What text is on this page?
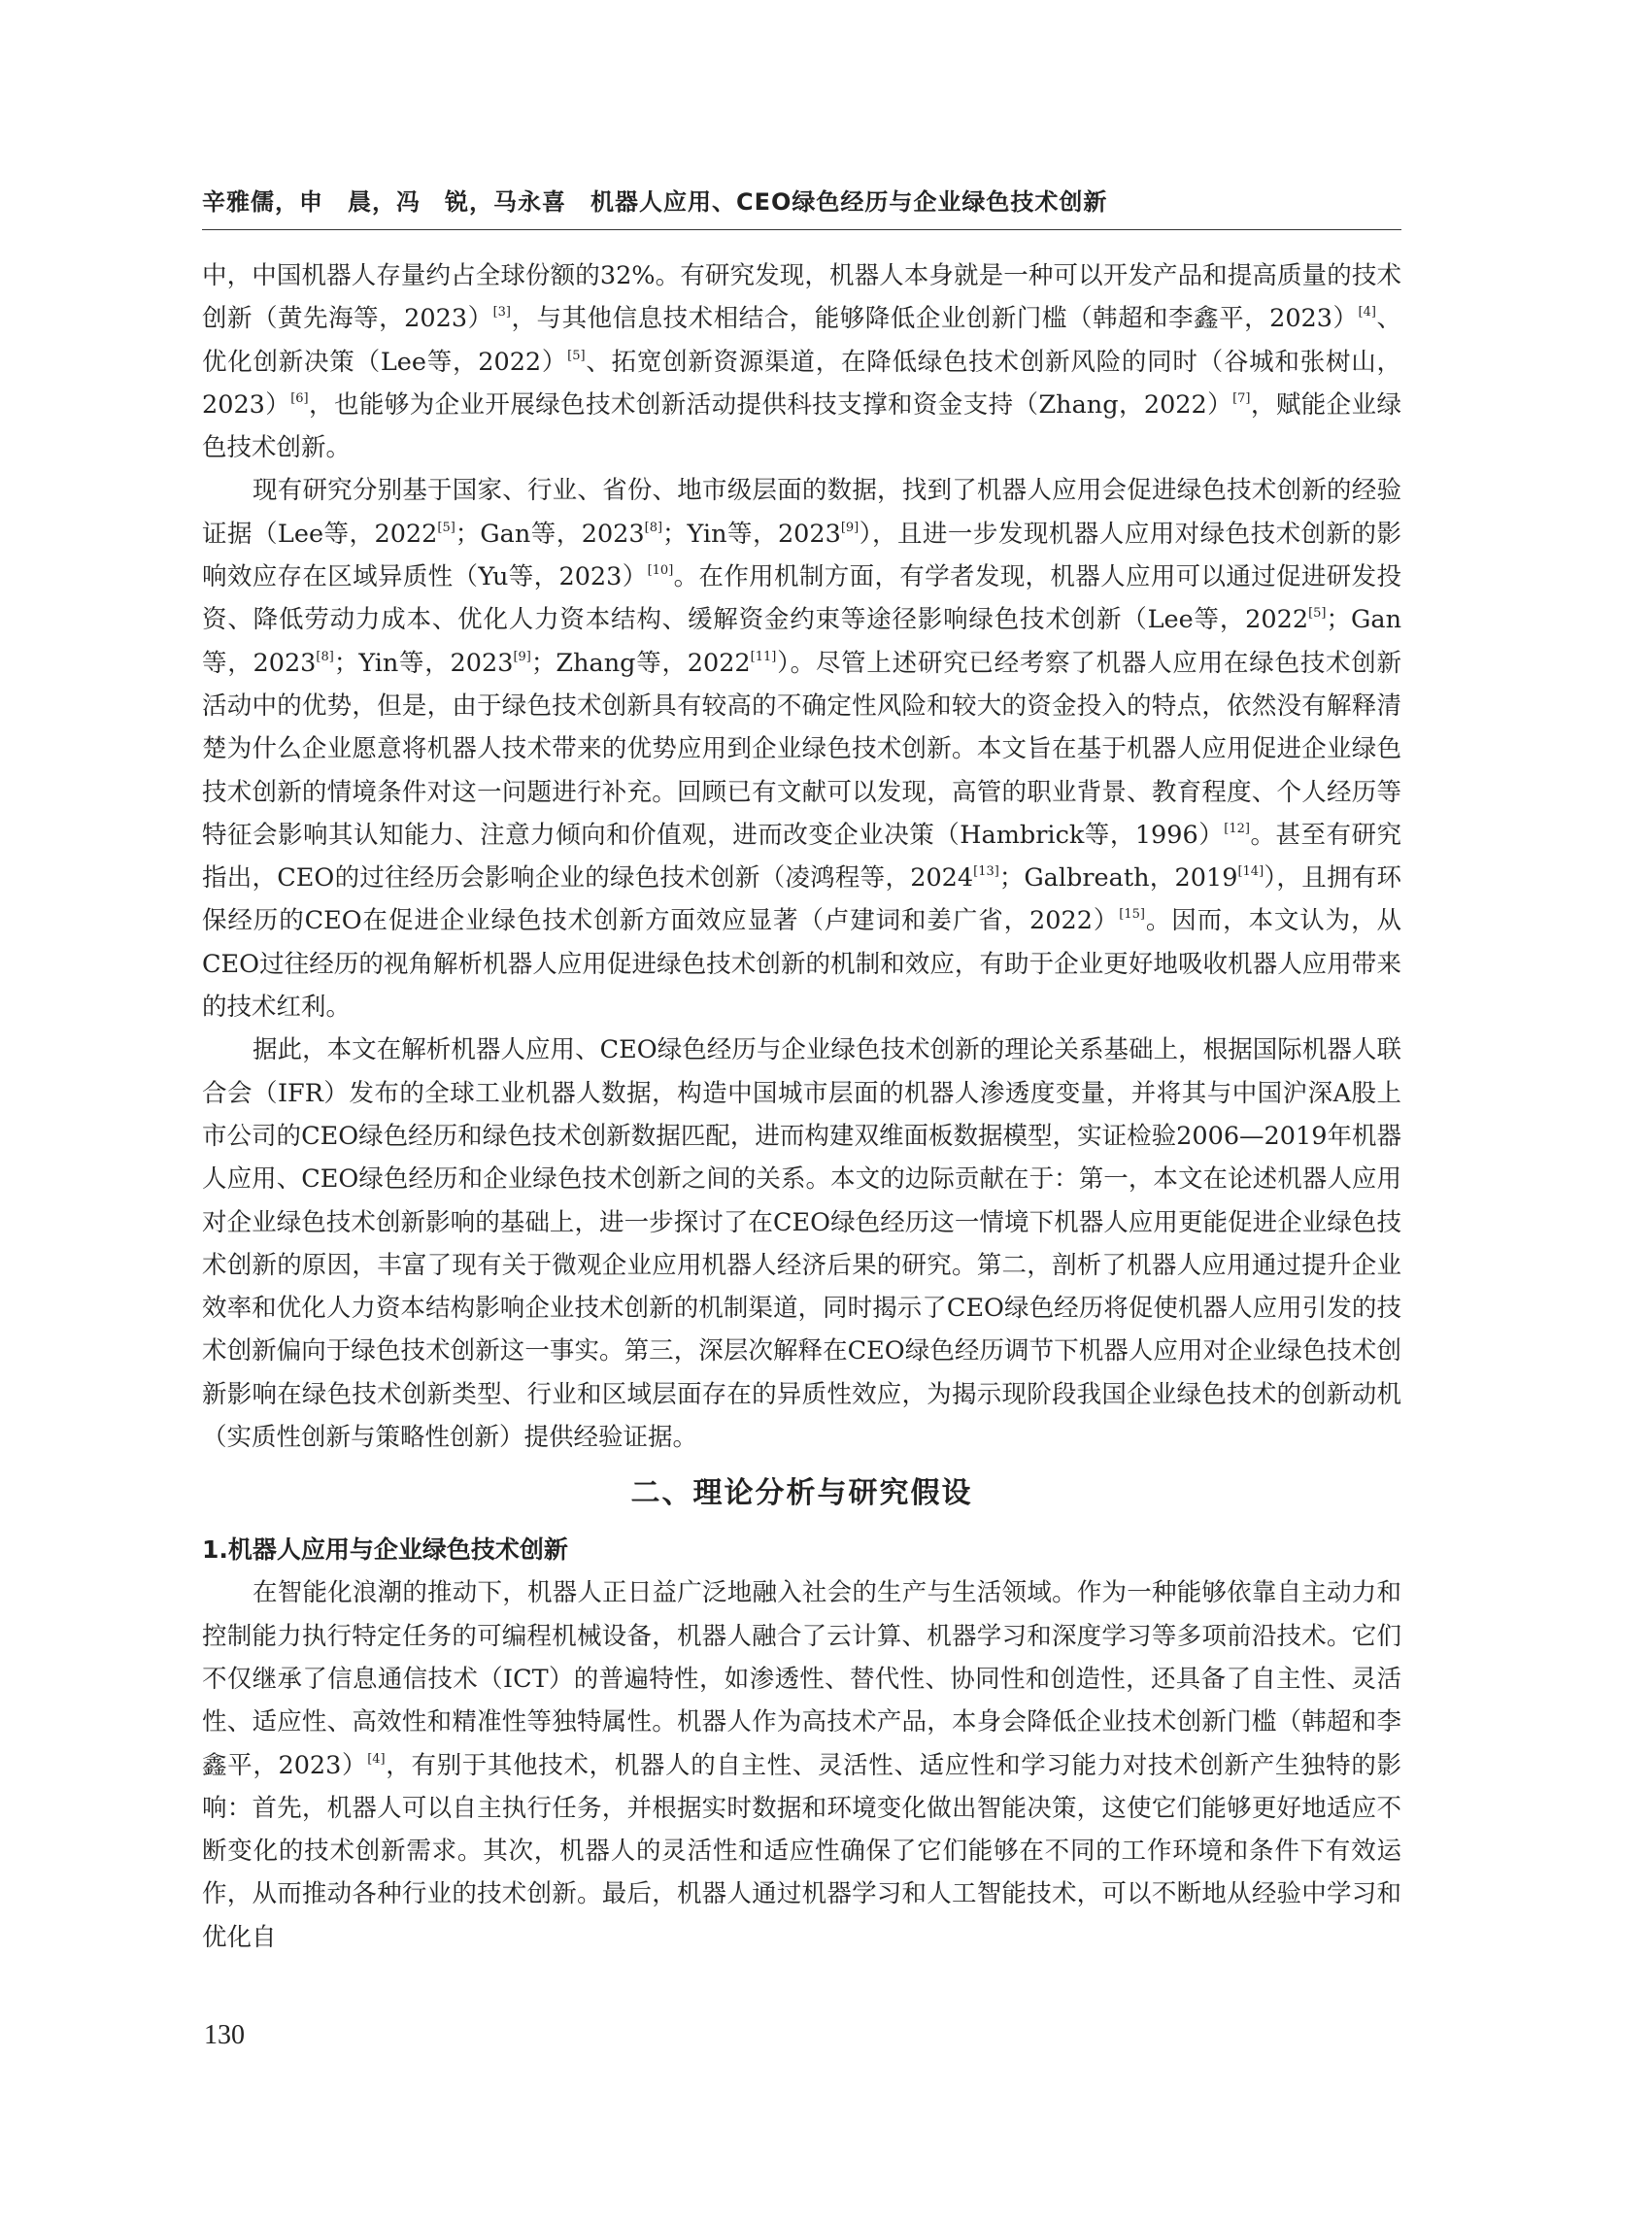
辛雅儒，申　晨，冯　锐，马永喜　机器人应用、CEO绿色经历与企业绿色技术创新

中，中国机器人存量约占全球份额的32%。有研究发现，机器人本身就是一种可以开发产品和提高质量的技术创新（黄先海等，2023）[3]，与其他信息技术相结合，能够降低企业创新门槛（韩超和李鑫平，2023）[4]、优化创新决策（Lee等，2022）[5]、拓宽创新资源渠道，在降低绿色技术创新风险的同时（谷城和张树山，2023）[6]，也能够为企业开展绿色技术创新活动提供科技支撑和资金支持（Zhang，2022）[7]，赋能企业绿色技术创新。

现有研究分别基于国家、行业、省份、地市级层面的数据，找到了机器人应用会促进绿色技术创新的经验证据（Lee等，2022[5]；Gan等，2023[8]；Yin等，2023[9]），且进一步发现机器人应用对绿色技术创新的影响效应存在区域异质性（Yu等，2023）[10]。在作用机制方面，有学者发现，机器人应用可以通过促进研发投资、降低劳动力成本、优化人力资本结构、缓解资金约束等途径影响绿色技术创新（Lee等，2022[5]；Gan等，2023[8]；Yin等，2023[9]；Zhang等，2022[11]）。尽管上述研究已经考察了机器人应用在绿色技术创新活动中的优势，但是，由于绿色技术创新具有较高的不确定性风险和较大的资金投入的特点，依然没有解释清楚为什么企业愿意将机器人技术带来的优势应用到企业绿色技术创新。本文旨在基于机器人应用促进企业绿色技术创新的情境条件对这一问题进行补充。回顾已有文献可以发现，高管的职业背景、教育程度、个人经历等特征会影响其认知能力、注意力倾向和价值观，进而改变企业决策（Hambrick等，1996）[12]。甚至有研究指出，CEO的过往经历会影响企业的绿色技术创新（凌鸿程等，2024[13]；Galbreath，2019[14]），且拥有环保经历的CEO在促进企业绿色技术创新方面效应显著（卢建词和姜广省，2022）[15]。因而，本文认为，从CEO过往经历的视角解析机器人应用促进绿色技术创新的机制和效应，有助于企业更好地吸收机器人应用带来的技术红利。

据此，本文在解析机器人应用、CEO绿色经历与企业绿色技术创新的理论关系基础上，根据国际机器人联合会（IFR）发布的全球工业机器人数据，构造中国城市层面的机器人渗透度变量，并将其与中国沪深A股上市公司的CEO绿色经历和绿色技术创新数据匹配，进而构建双维面板数据模型，实证检验2006—2019年机器人应用、CEO绿色经历和企业绿色技术创新之间的关系。本文的边际贡献在于：第一，本文在论述机器人应用对企业绿色技术创新影响的基础上，进一步探讨了在CEO绿色经历这一情境下机器人应用更能促进企业绿色技术创新的原因，丰富了现有关于微观企业应用机器人经济后果的研究。第二，剖析了机器人应用通过提升企业效率和优化人力资本结构影响企业技术创新的机制渠道，同时揭示了CEO绿色经历将促使机器人应用引发的技术创新偏向于绿色技术创新这一事实。第三，深层次解释在CEO绿色经历调节下机器人应用对企业绿色技术创新影响在绿色技术创新类型、行业和区域层面存在的异质性效应，为揭示现阶段我国企业绿色技术的创新动机（实质性创新与策略性创新）提供经验证据。

二、理论分析与研究假设
1.机器人应用与企业绿色技术创新

在智能化浪潮的推动下，机器人正日益广泛地融入社会的生产与生活领域。作为一种能够依靠自主动力和控制能力执行特定任务的可编程机械设备，机器人融合了云计算、机器学习和深度学习等多项前沿技术。它们不仅继承了信息通信技术（ICT）的普遍特性，如渗透性、替代性、协同性和创造性，还具备了自主性、灵活性、适应性、高效性和精准性等独特属性。机器人作为高技术产品，本身会降低企业技术创新门槛（韩超和李鑫平，2023）[4]，有别于其他技术，机器人的自主性、灵活性、适应性和学习能力对技术创新产生独特的影响：首先，机器人可以自主执行任务，并根据实时数据和环境变化做出智能决策，这使它们能够更好地适应不断变化的技术创新需求。其次，机器人的灵活性和适应性确保了它们能够在不同的工作环境和条件下有效运作，从而推动各种行业的技术创新。最后，机器人通过机器学习和人工智能技术，可以不断地从经验中学习和优化自

130
